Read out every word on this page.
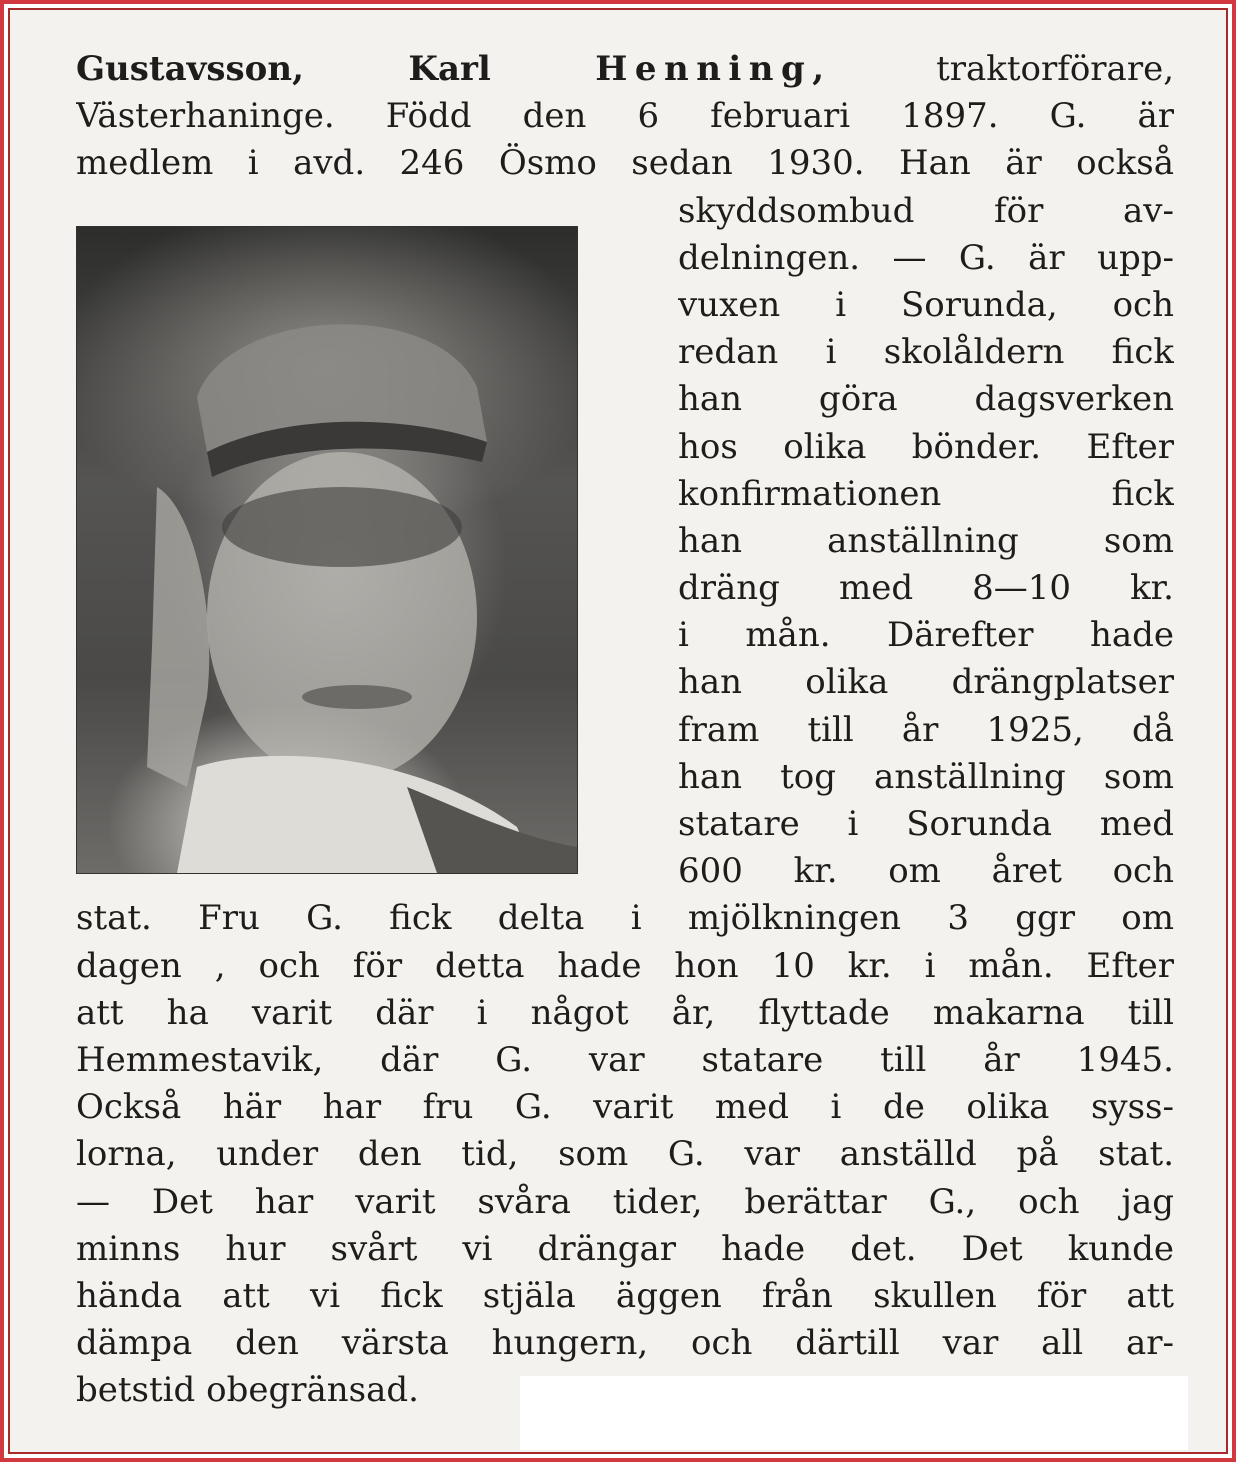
Gustavsson,	Karl	Henning,	traktorförare,
Västerhaninge. Född den 6 februari 1897. G. är
medlem i avd. 246 Ösmo sedan 1930. Han är också
skyddsombud för av-
delningen. — G. är upp-
vuxen i Sorunda, och
redan i skolåldern fick
han göra dagsverken
hos olika bönder. Efter
konfirmationen fick
han anställning som
dräng med 8—10 kr.
i mån. Därefter hade
han olika drängplatser
fram till år 1925, då
han tog anställning som
statare i Sorunda med
600 kr. om året och
stat. Fru G. fick delta i mjölkningen 3 ggr om
dagen , och för detta hade hon 10 kr. i mån. Efter
att ha varit där i något år, flyttade makarna till
Hemmestavik, där G. var statare till år 1945.
Också här har fru G. varit med i de olika syss-
lorna, under den tid, som G. var anställd på stat.
— Det har varit svåra tider, berättar G., och jag
minns hur svårt vi drängar hade det. Det kunde
hända att vi fick stjäla äggen från skullen för att
dämpa den värsta hungern, och därtill var all ar-
betstid obegränsad.
